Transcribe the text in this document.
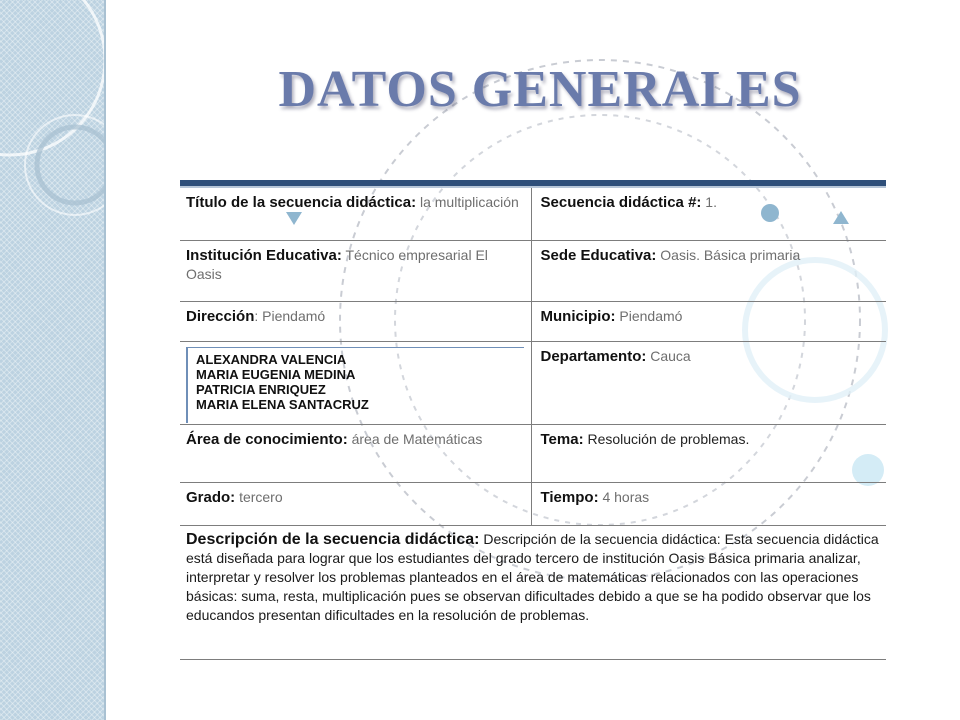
DATOS GENERALES
Título de la secuencia didáctica: la multiplicación	Secuencia didáctica #: 1.
Institución Educativa: Técnico empresarial El Oasis	Sede Educativa: Oasis. Básica primaria
Dirección: Piendamó	Municipio: Piendamó

ALEXANDRA VALENCIA
MARIA EUGENIA MEDINA
PATRICIA ENRIQUEZ
MARIA ELENA SANTACRUZ	Departamento: Cauca
Área de conocimiento: área de Matemáticas	Tema: Resolución de problemas.
Grado: tercero	Tiempo: 4 horas
Descripción de la secuencia didáctica: Descripción de la secuencia didáctica: Esta secuencia didáctica está diseñada para lograr que los estudiantes del grado tercero de institución Oasis Básica primaria analizar, interpretar y resolver los problemas planteados en el área de matemáticas relacionados con las operaciones básicas: suma, resta, multiplicación pues se observan dificultades debido a que se ha podido observar que los educandos presentan dificultades en la resolución de problemas.	
